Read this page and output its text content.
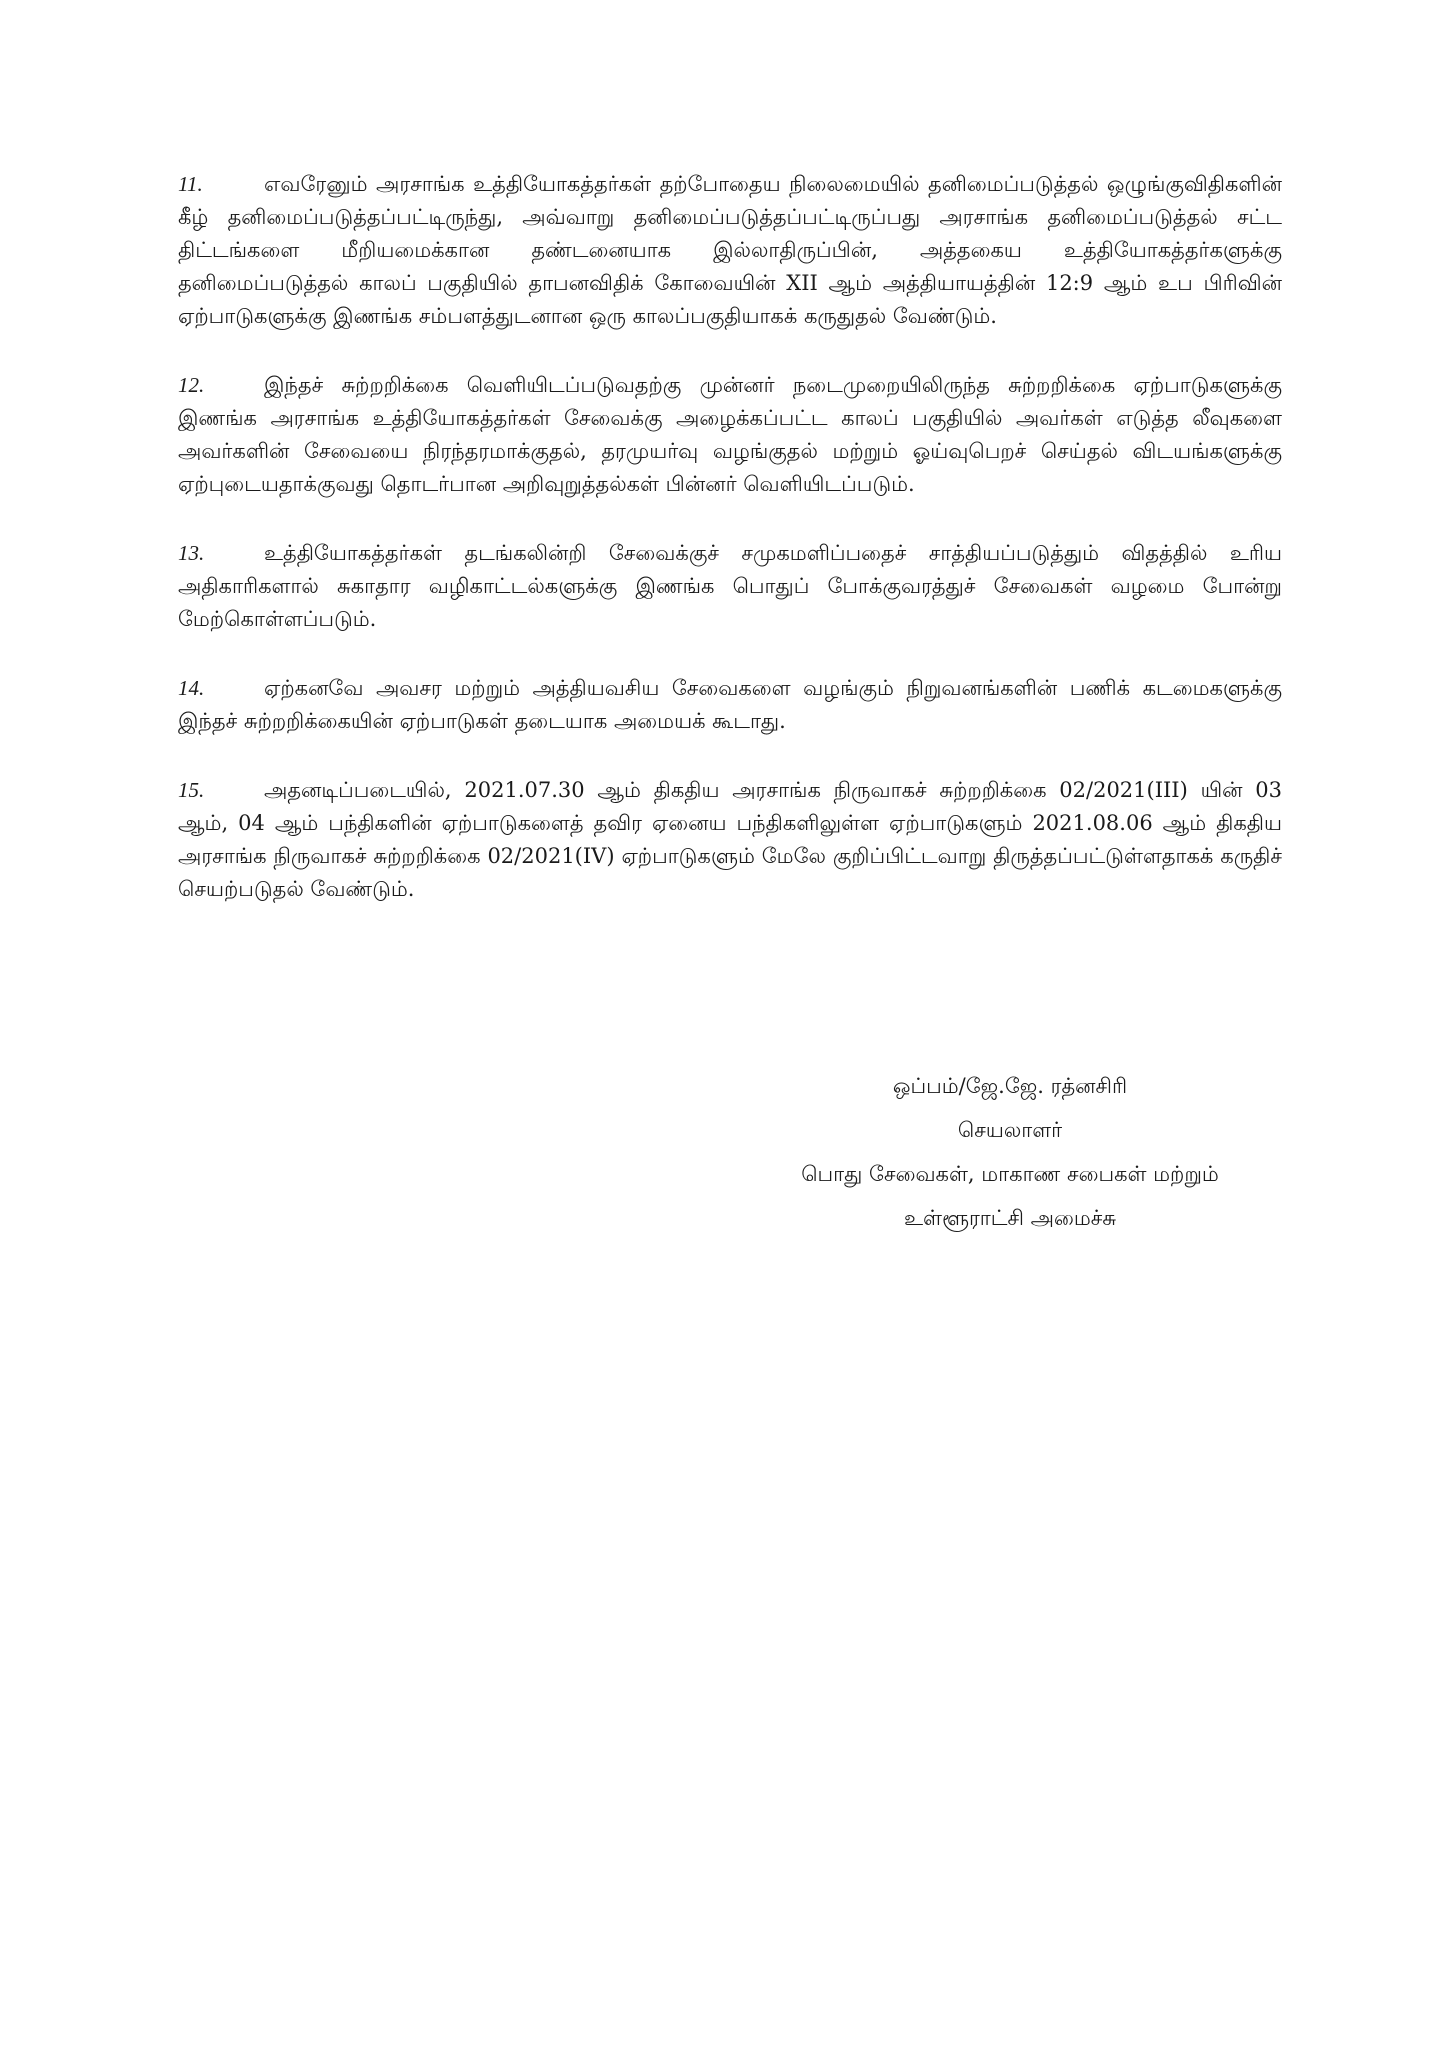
11.	எவரேனும் அரசாங்க உத்தியோகத்தர்கள் தற்போதைய நிலைமையில் தனிமைப்படுத்தல் ஒழுங்குவிதிகளின் கீழ் தனிமைப்படுத்தப்பட்டிருந்து, அவ்வாறு தனிமைப்படுத்தப்பட்டிருப்பது அரசாங்க தனிமைப்படுத்தல் சட்ட திட்டங்களை மீறியமைக்கான தண்டனையாக இல்லாதிருப்பின், அத்தகைய உத்தியோகத்தர்களுக்கு தனிமைப்படுத்தல் காலப் பகுதியில் தாபனவிதிக் கோவையின் XII ஆம் அத்தியாயத்தின் 12:9 ஆம் உப பிரிவின் ஏற்பாடுகளுக்கு இணங்க சம்பளத்துடனான ஒரு காலப்பகுதியாகக் கருதுதல் வேண்டும்.

12.	இந்தச் சுற்றறிக்கை வெளியிடப்படுவதற்கு முன்னர் நடைமுறையிலிருந்த சுற்றறிக்கை ஏற்பாடுகளுக்கு இணங்க அரசாங்க உத்தியோகத்தர்கள் சேவைக்கு அழைக்கப்பட்ட காலப் பகுதியில் அவர்கள் எடுத்த லீவுகளை அவர்களின் சேவையை நிரந்தரமாக்குதல், தரமுயர்வு வழங்குதல் மற்றும் ஓய்வுபெறச் செய்தல் விடயங்களுக்கு ஏற்புடையதாக்குவது தொடர்பான அறிவுறுத்தல்கள் பின்னர் வெளியிடப்படும்.

13.	உத்தியோகத்தர்கள் தடங்கலின்றி சேவைக்குச் சமுகமளிப்பதைச் சாத்தியப்படுத்தும் விதத்தில் உரிய அதிகாரிகளால் சுகாதார வழிகாட்டல்களுக்கு இணங்க பொதுப் போக்குவரத்துச் சேவைகள் வழமை போன்று மேற்கொள்ளப்படும்.

14.	ஏற்கனவே அவசர மற்றும் அத்தியவசிய சேவைகளை வழங்கும் நிறுவனங்களின் பணிக் கடமைகளுக்கு இந்தச் சுற்றறிக்கையின் ஏற்பாடுகள் தடையாக அமையக் கூடாது.

15.	அதனடிப்படையில், 2021.07.30 ஆம் திகதிய அரசாங்க நிருவாகச் சுற்றறிக்கை 02/2021(III) யின் 03 ஆம், 04 ஆம் பந்திகளின் ஏற்பாடுகளைத் தவிர ஏனைய பந்திகளிலுள்ள ஏற்பாடுகளும் 2021.08.06 ஆம் திகதிய அரசாங்க நிருவாகச் சுற்றறிக்கை 02/2021(IV) ஏற்பாடுகளும் மேலே குறிப்பிட்டவாறு திருத்தப்பட்டுள்ளதாகக் கருதிச் செயற்படுதல் வேண்டும்.

ஒப்பம்/ஜே.ஜே. ரத்னசிரி
செயலாளர்
பொது சேவைகள், மாகாண சபைகள் மற்றும்
உள்ளூராட்சி அமைச்சு
